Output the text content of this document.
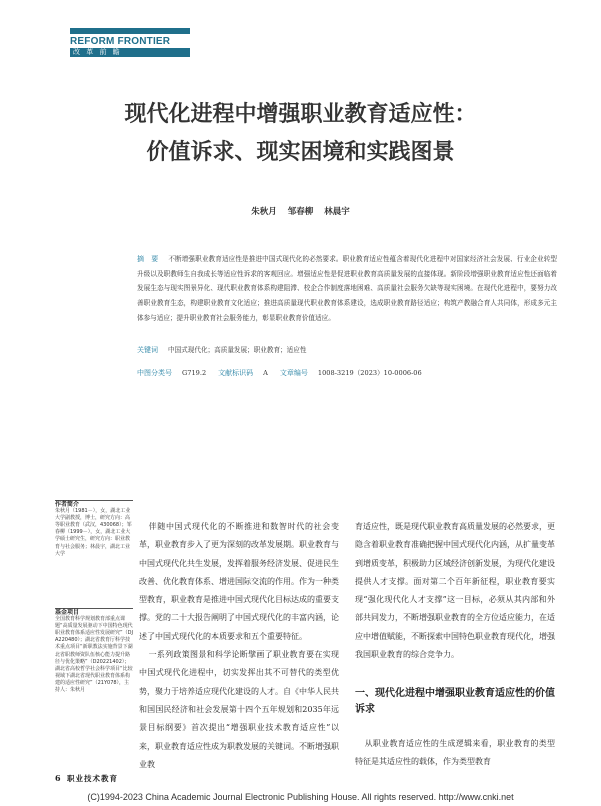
REFORM FRONTIER
改 革 前 瞻
现代化进程中增强职业教育适应性：
价值诉求、现实困境和实践图景
朱秋月 邹春柳 林晨宇
摘　要 不断增强职业教育适应性是推进中国式现代化的必然要求。职业教育适应性蕴含着现代化进程中对国家经济社会发展、行业企业转型升级以及职教师生自我成长等适应性诉求的客观回应。增强适应性是促进职业教育高质量发展的直接体现。新阶段增强职业教育适应性还面临着发展生态与现实图景异化、现代职业教育体系构建阻滞、校企合作制度落地困难、高质量社会服务欠缺等现实困境。在现代化进程中，要努力改善职业教育生态，构建职业教育文化适应；推进高质量现代职业教育体系建设，选成职业教育路径适应；构筑产教融合育人共同体，形成多元主体参与适应；提升职业教育社会服务能力，彰显职业教育价值适应。
关键词 中国式现代化；高质量发展；职业教育；适应性
中图分类号 G719.2 文献标识码 A 文章编号 1008-3219（2023）10-0006-06
作者简介
朱秋月（1981－），女，湖北工业大学副教授，博士，研究方向：高等职业教育（武汉，430068）；邹春柳（1999－），女，湖北工业大学硕士研究生，研究方向：职业教育与社会服务；林晨宇，湖北工业大学
基金项目
全国教育科学规划教育部重点课题“高质量发展驱动下中国特色现代职业教育体系适应性发展研究”（DJA220480）；湖北省教育厅科学技术重点项目“新职教法实施背景下湖北省职教师资队伍核心能力提升路径与优化策略”（D20221402）；湖北省高校哲学社会科学项目“比较视域下湖北省现代职业教育体系构建的适应性研究”（21Y078），主持人：朱秋月

伴随中国式现代化的不断推进和数智时代的社会变革，职业教育步入了更为深刻的改革发展期。职业教育与中国式现代化共生发展，发挥着服务经济发展、促进民生改善、优化教育体系、增进国际交流的作用。作为一种类型教育，职业教育是推进中国式现代化目标达成的重要支撑。党的二十大报告阐明了中国式现代化的丰富内涵，论述了中国式现代化的本质要求和五个重要特征。

一系列政策图景和科学论断擘画了职业教育要在实现中国式现代化进程中，切实发挥出其不可替代的类型优势，聚力于培养适应现代化建设的人才。自《中华人民共和国国民经济和社会发展第十四个五年规划和2035年远景目标纲要》首次提出“增强职业技术教育适应性”以来，职业教育适应性成为职教发展的关键词。不断增强职业教

育适应性，既是现代职业教育高质量发展的必然要求，更隐含着职业教育准确把握中国式现代化内涵，从扩量变革到增质变革，积极助力区域经济创新发展，为现代化建设提供人才支撑。面对第二个百年新征程，职业教育要实现“强化现代化人才支撑”这一目标，必须从其内部和外部共同发力，不断增强职业教育的全方位适应能力，在适应中增值赋能，不断探索中国特色职业教育现代化，增强我国职业教育的综合竞争力。

一、现代化进程中增强职业教育适应性的价值诉求

从职业教育适应性的生成逻辑来看，职业教育的类型特征是其适应性的载体，作为类型教育

6 职业技术教育
(C)1994-2023 China Academic Journal Electronic Publishing House. All rights reserved. http://www.cnki.net
